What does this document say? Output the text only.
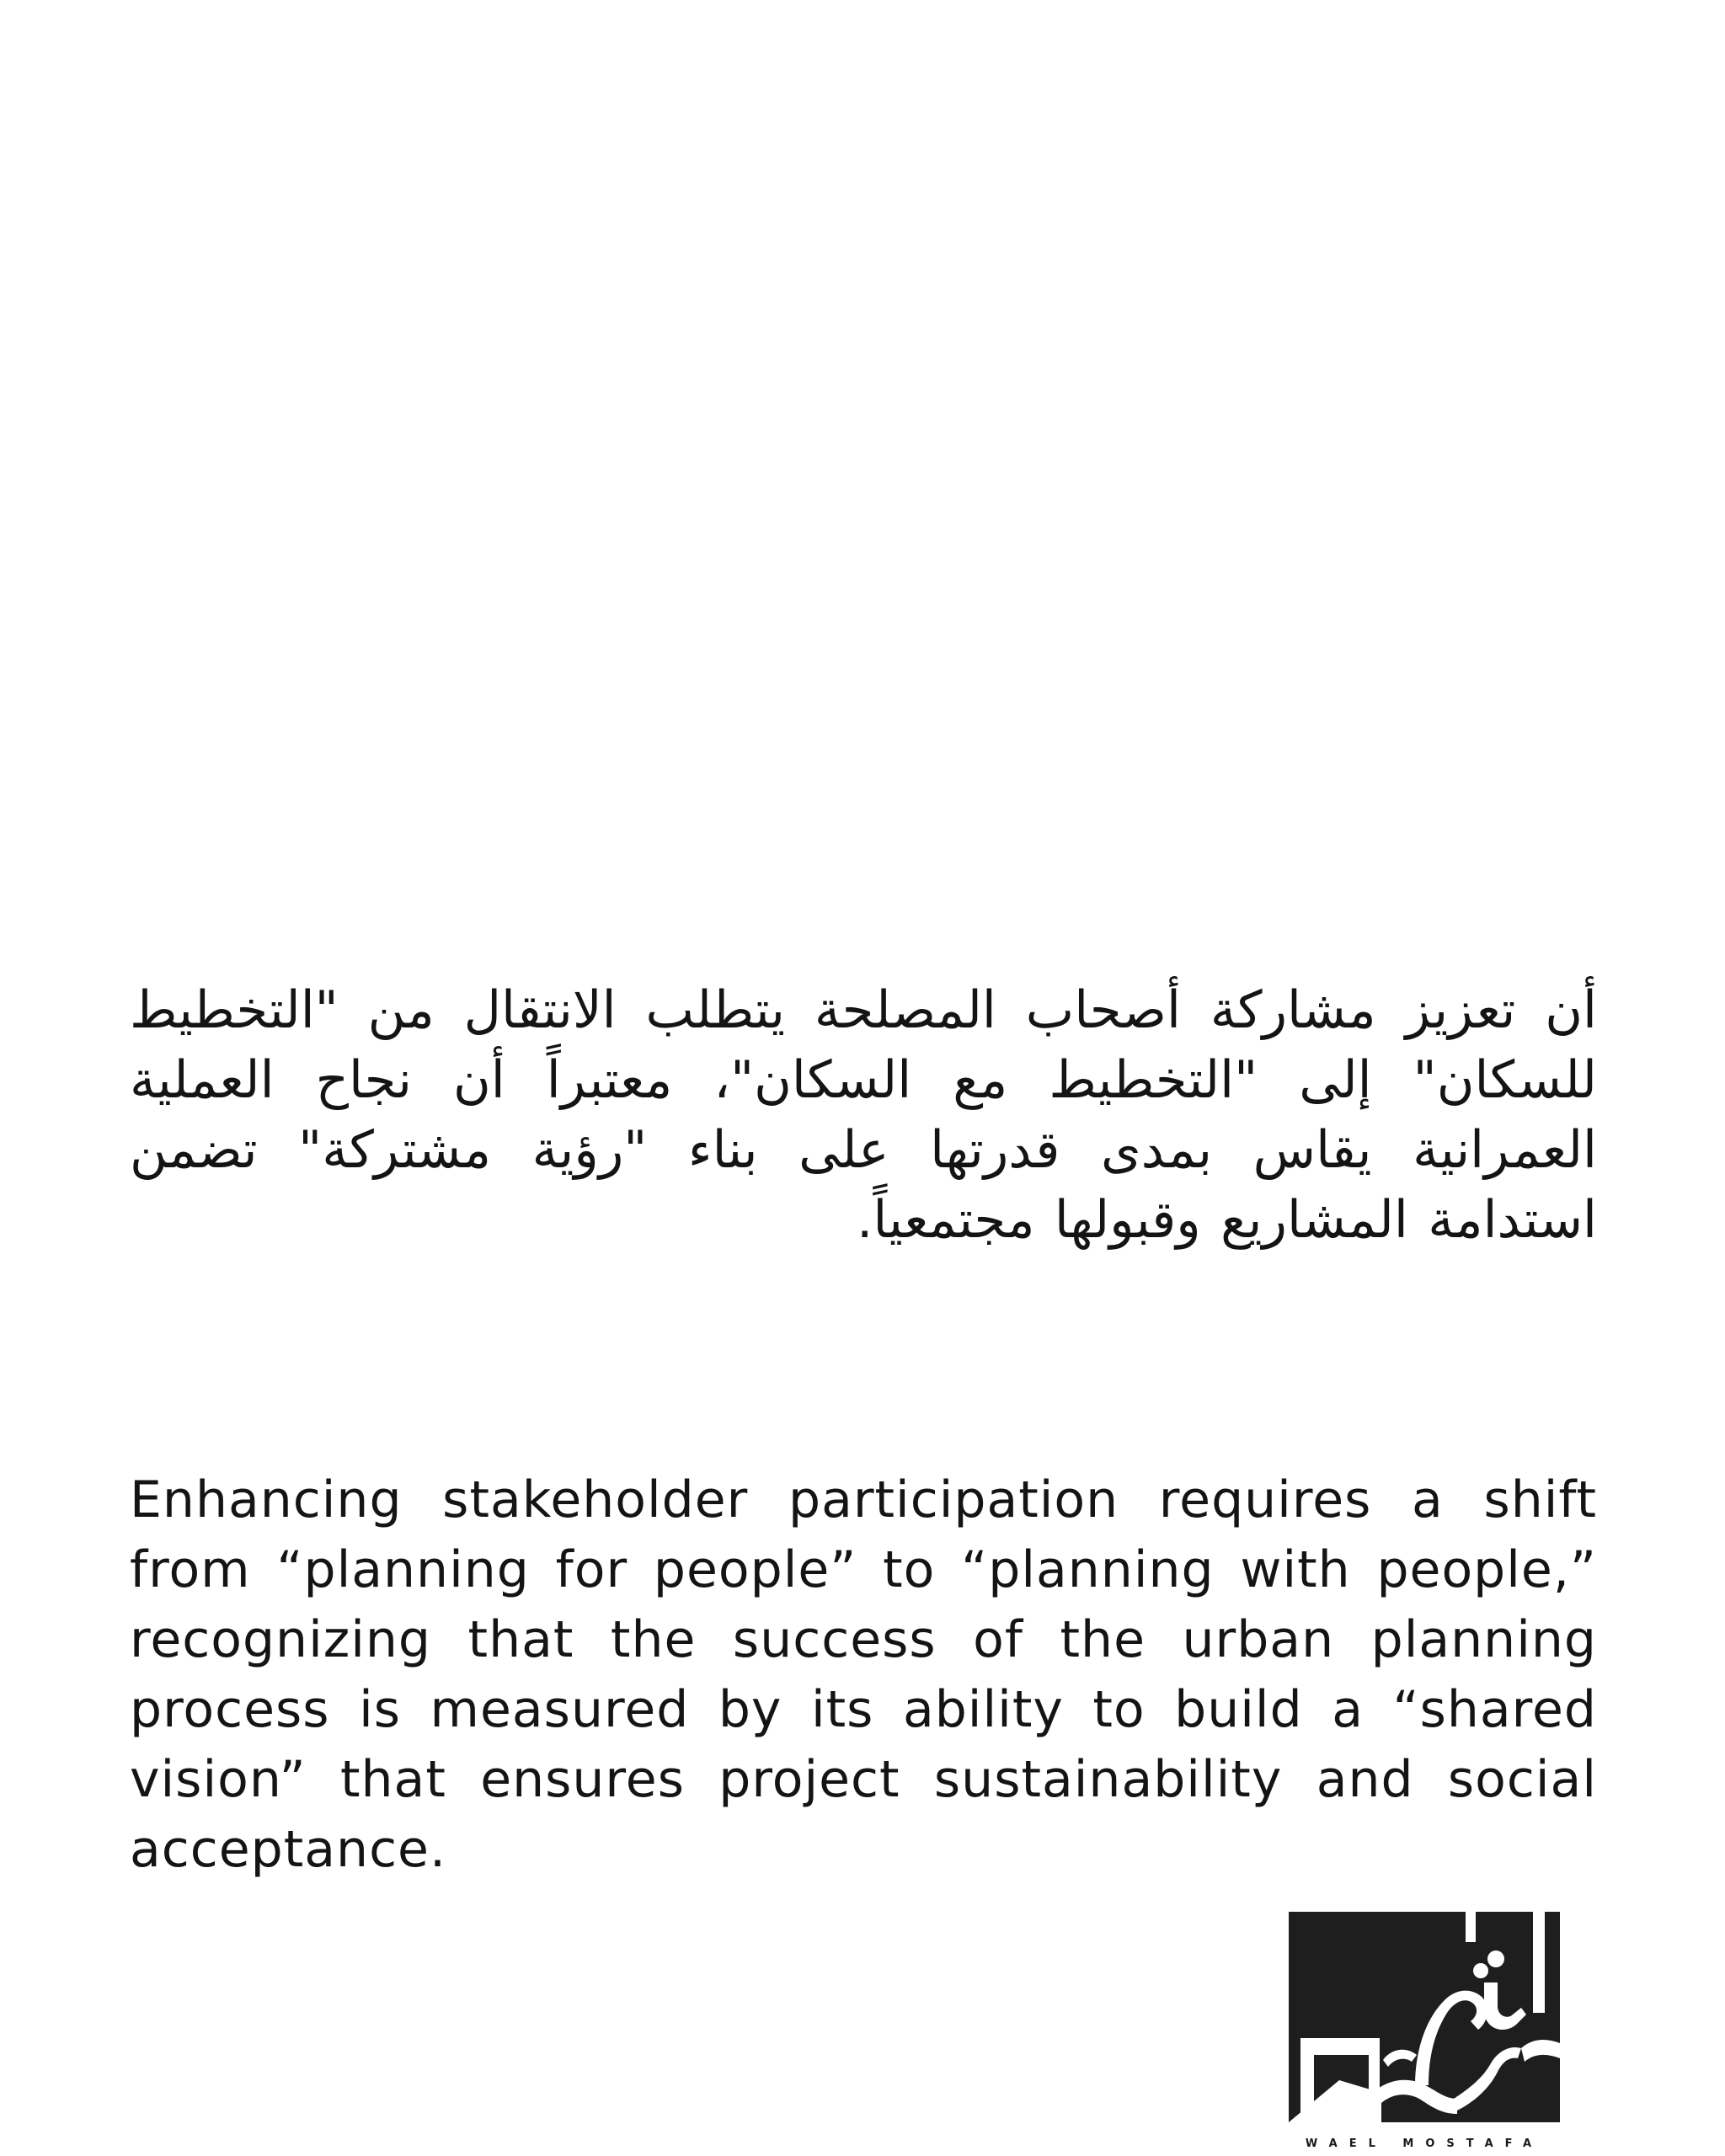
أن تعزيز مشاركة أصحاب المصلحة يتطلب الانتقال من "التخطيط للسكان" إلى "التخطيط مع السكان"، معتبراً أن نجاح العملية العمرانية يقاس بمدى قدرتها على بناء "رؤية مشتركة" تضمن استدامة المشاريع وقبولها مجتمعياً.
Enhancing stakeholder participation requires a shift from “planning for people” to “planning with people,” recognizing that the success of the urban planning process is measured by its ability to build a “shared vision” that ensures project sustainability and social acceptance.
WAEL MOSTAFA
